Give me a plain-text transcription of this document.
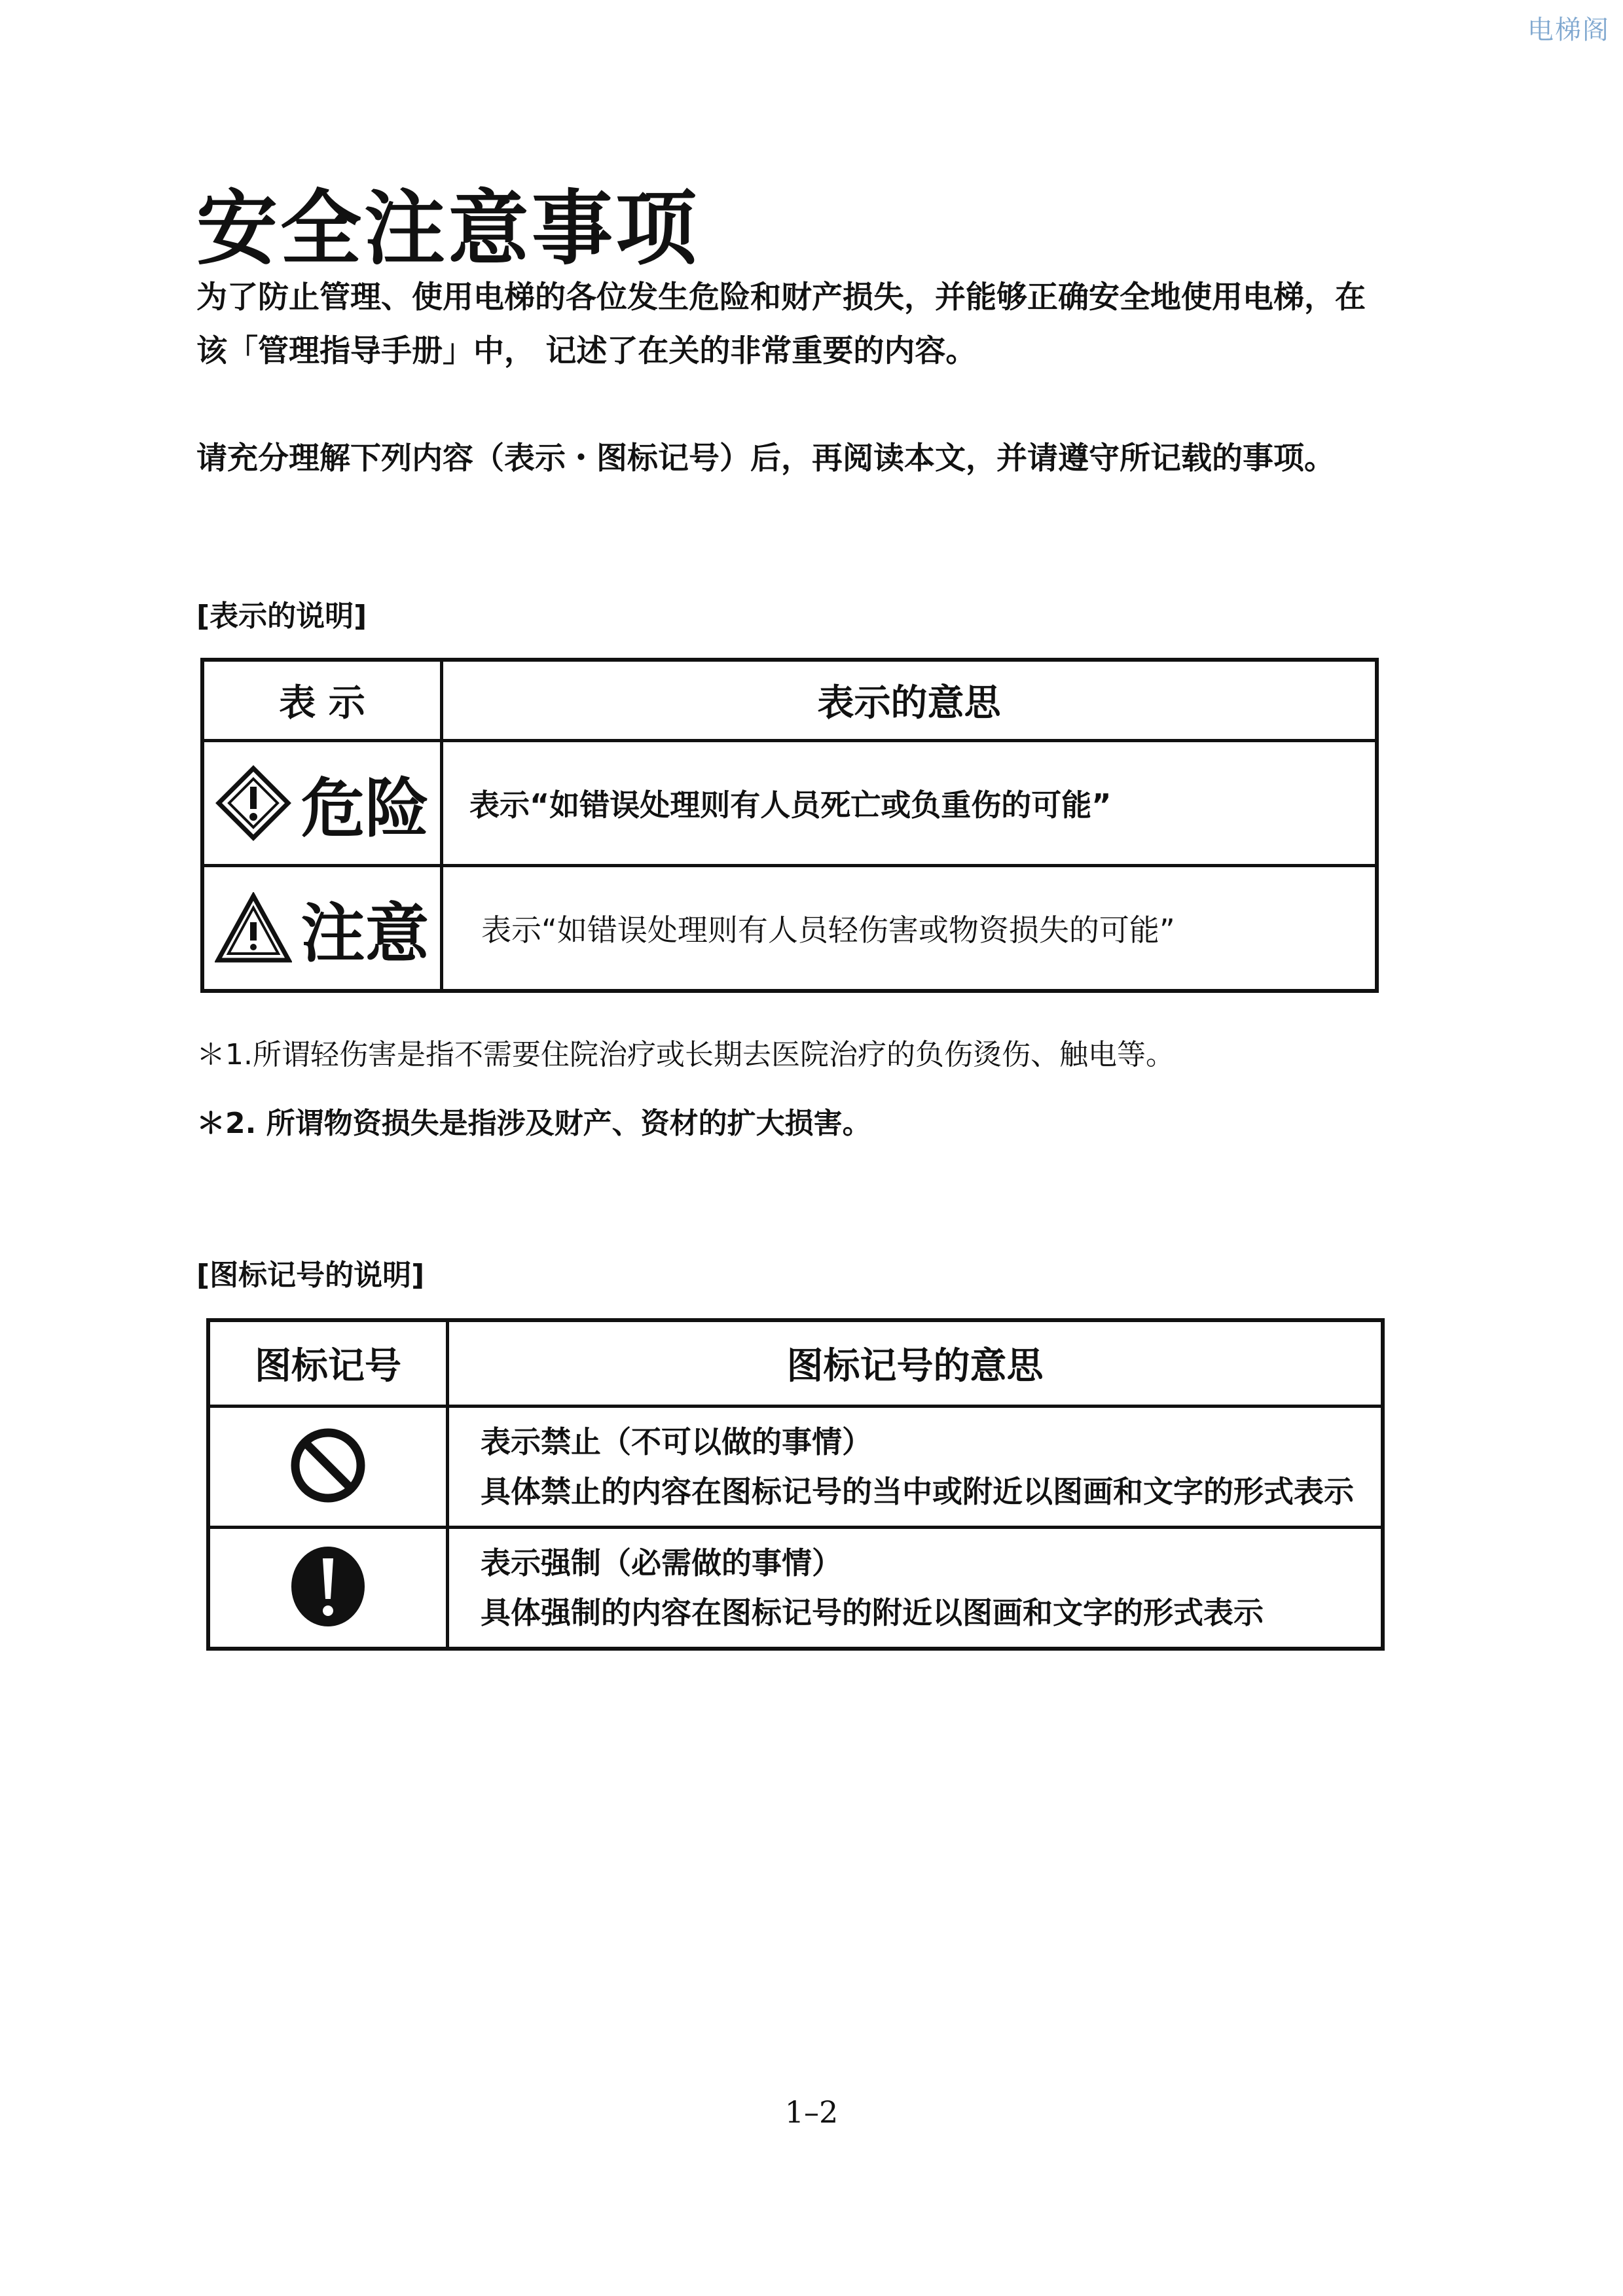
电梯阁
安全注意事项

为了防止管理、使用电梯的各位发生危险和财产损失，并能够正确安全地使用电梯，在该「管理指导手册」中， 记述了在关的非常重要的内容。

请充分理解下列内容（表示・图标记号）后，再阅读本文，并请遵守所记载的事项。

[表示的说明]

表 示	表示的意思
危险	表示“如错误处理则有人员死亡或负重伤的可能”
注意	表示“如错误处理则有人员轻伤害或物资损失的可能”

＊1.所谓轻伤害是指不需要住院治疗或长期去医院治疗的负伤烫伤、触电等。

＊2. 所谓物资损失是指涉及财产、资材的扩大损害。

[图标记号的说明]

图标记号	图标记号的意思

表示禁止（不可以做的事情）
具体禁止的内容在图标记号的当中或附近以图画和文字的形式表示

表示强制（必需做的事情）
具体强制的内容在图标记号的附近以图画和文字的形式表示
1–2
